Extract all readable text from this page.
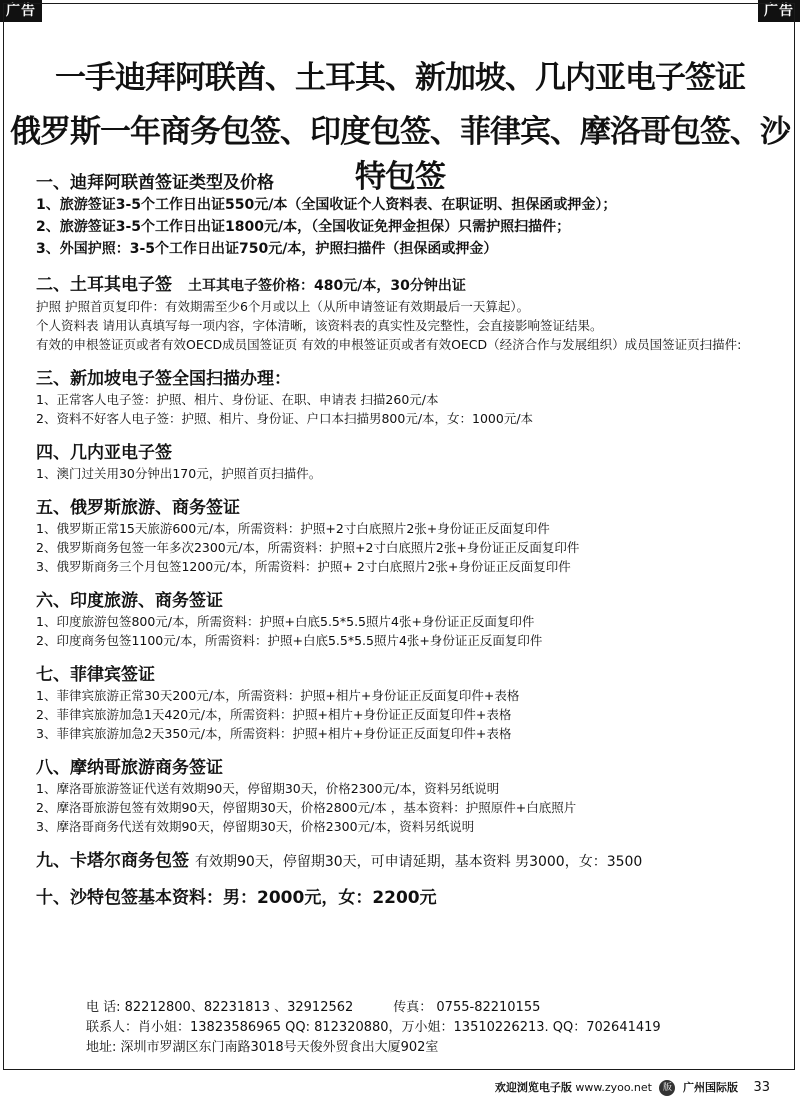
广告	广告
一手迪拜阿联酋、土耳其、新加坡、几内亚电子签证
俄罗斯一年商务包签、印度包签、菲律宾、摩洛哥包签、沙特包签

一、迪拜阿联酋签证类型及价格

1、旅游签证3-5个工作日出证550元/本（全国收证个人资料表、在职证明、担保函或押金）；

2、旅游签证3-5个工作日出证1800元/本，（全国收证免押金担保）只需护照扫描件；

3、外国护照：3-5个工作日出证750元/本，护照扫描件（担保函或押金）

二、土耳其电子签 土耳其电子签价格：480元/本，30分钟出证

护照 护照首页复印件：有效期需至少6个月或以上（从所申请签证有效期最后一天算起）。

个人资料表 请用认真填写每一项内容，字体清晰，该资料表的真实性及完整性，会直接影响签证结果。

有效的申根签证页或者有效OECD成员国签证页 有效的申根签证页或者有效OECD（经济合作与发展组织）成员国签证页扫描件:

三、新加坡电子签全国扫描办理：

1、正常客人电子签：护照、相片、身份证、在职、申请表 扫描260元/本

2、资料不好客人电子签：护照、相片、身份证、户口本扫描男800元/本，女：1000元/本

四、几内亚电子签

1、澳门过关用30分钟出170元，护照首页扫描件。

五、俄罗斯旅游、商务签证

1、俄罗斯正常15天旅游600元/本，所需资料：护照+2寸白底照片2张+身份证正反面复印件

2、俄罗斯商务包签一年多次2300元/本，所需资料：护照+2寸白底照片2张+身份证正反面复印件

3、俄罗斯商务三个月包签1200元/本，所需资料：护照+ 2寸白底照片2张+身份证正反面复印件

六、印度旅游、商务签证

1、印度旅游包签800元/本，所需资料：护照+白底5.5*5.5照片4张+身份证正反面复印件

2、印度商务包签1100元/本，所需资料：护照+白底5.5*5.5照片4张+身份证正反面复印件

七、菲律宾签证

1、菲律宾旅游正常30天200元/本，所需资料：护照+相片+身份证正反面复印件+表格

2、菲律宾旅游加急1天420元/本，所需资料：护照+相片+身份证正反面复印件+表格

3、菲律宾旅游加急2天350元/本，所需资料：护照+相片+身份证正反面复印件+表格

八、摩纳哥旅游商务签证

1、摩洛哥旅游签证代送有效期90天，停留期30天，价格2300元/本，资料另纸说明

2、摩洛哥旅游包签有效期90天，停留期30天，价格2800元/本 ，基本资料：护照原件+白底照片

3、摩洛哥商务代送有效期90天，停留期30天，价格2300元/本，资料另纸说明

九、卡塔尔商务包签 有效期90天，停留期30天，可申请延期，基本资料 男3000，女：3500

十、沙特包签基本资料：男：2000元，女：2200元

电 话: 82212800、82231813 、32912562	传真： 0755-82210155
联系人：肖小姐：13823586965 QQ: 812320880，万小姐：13510226213. QQ：702641419
地址: 深圳市罗湖区东门南路3018号天俊外贸食出大厦902室
欢迎浏览电子版 www.zyoo.net 版 广州国际版 33
